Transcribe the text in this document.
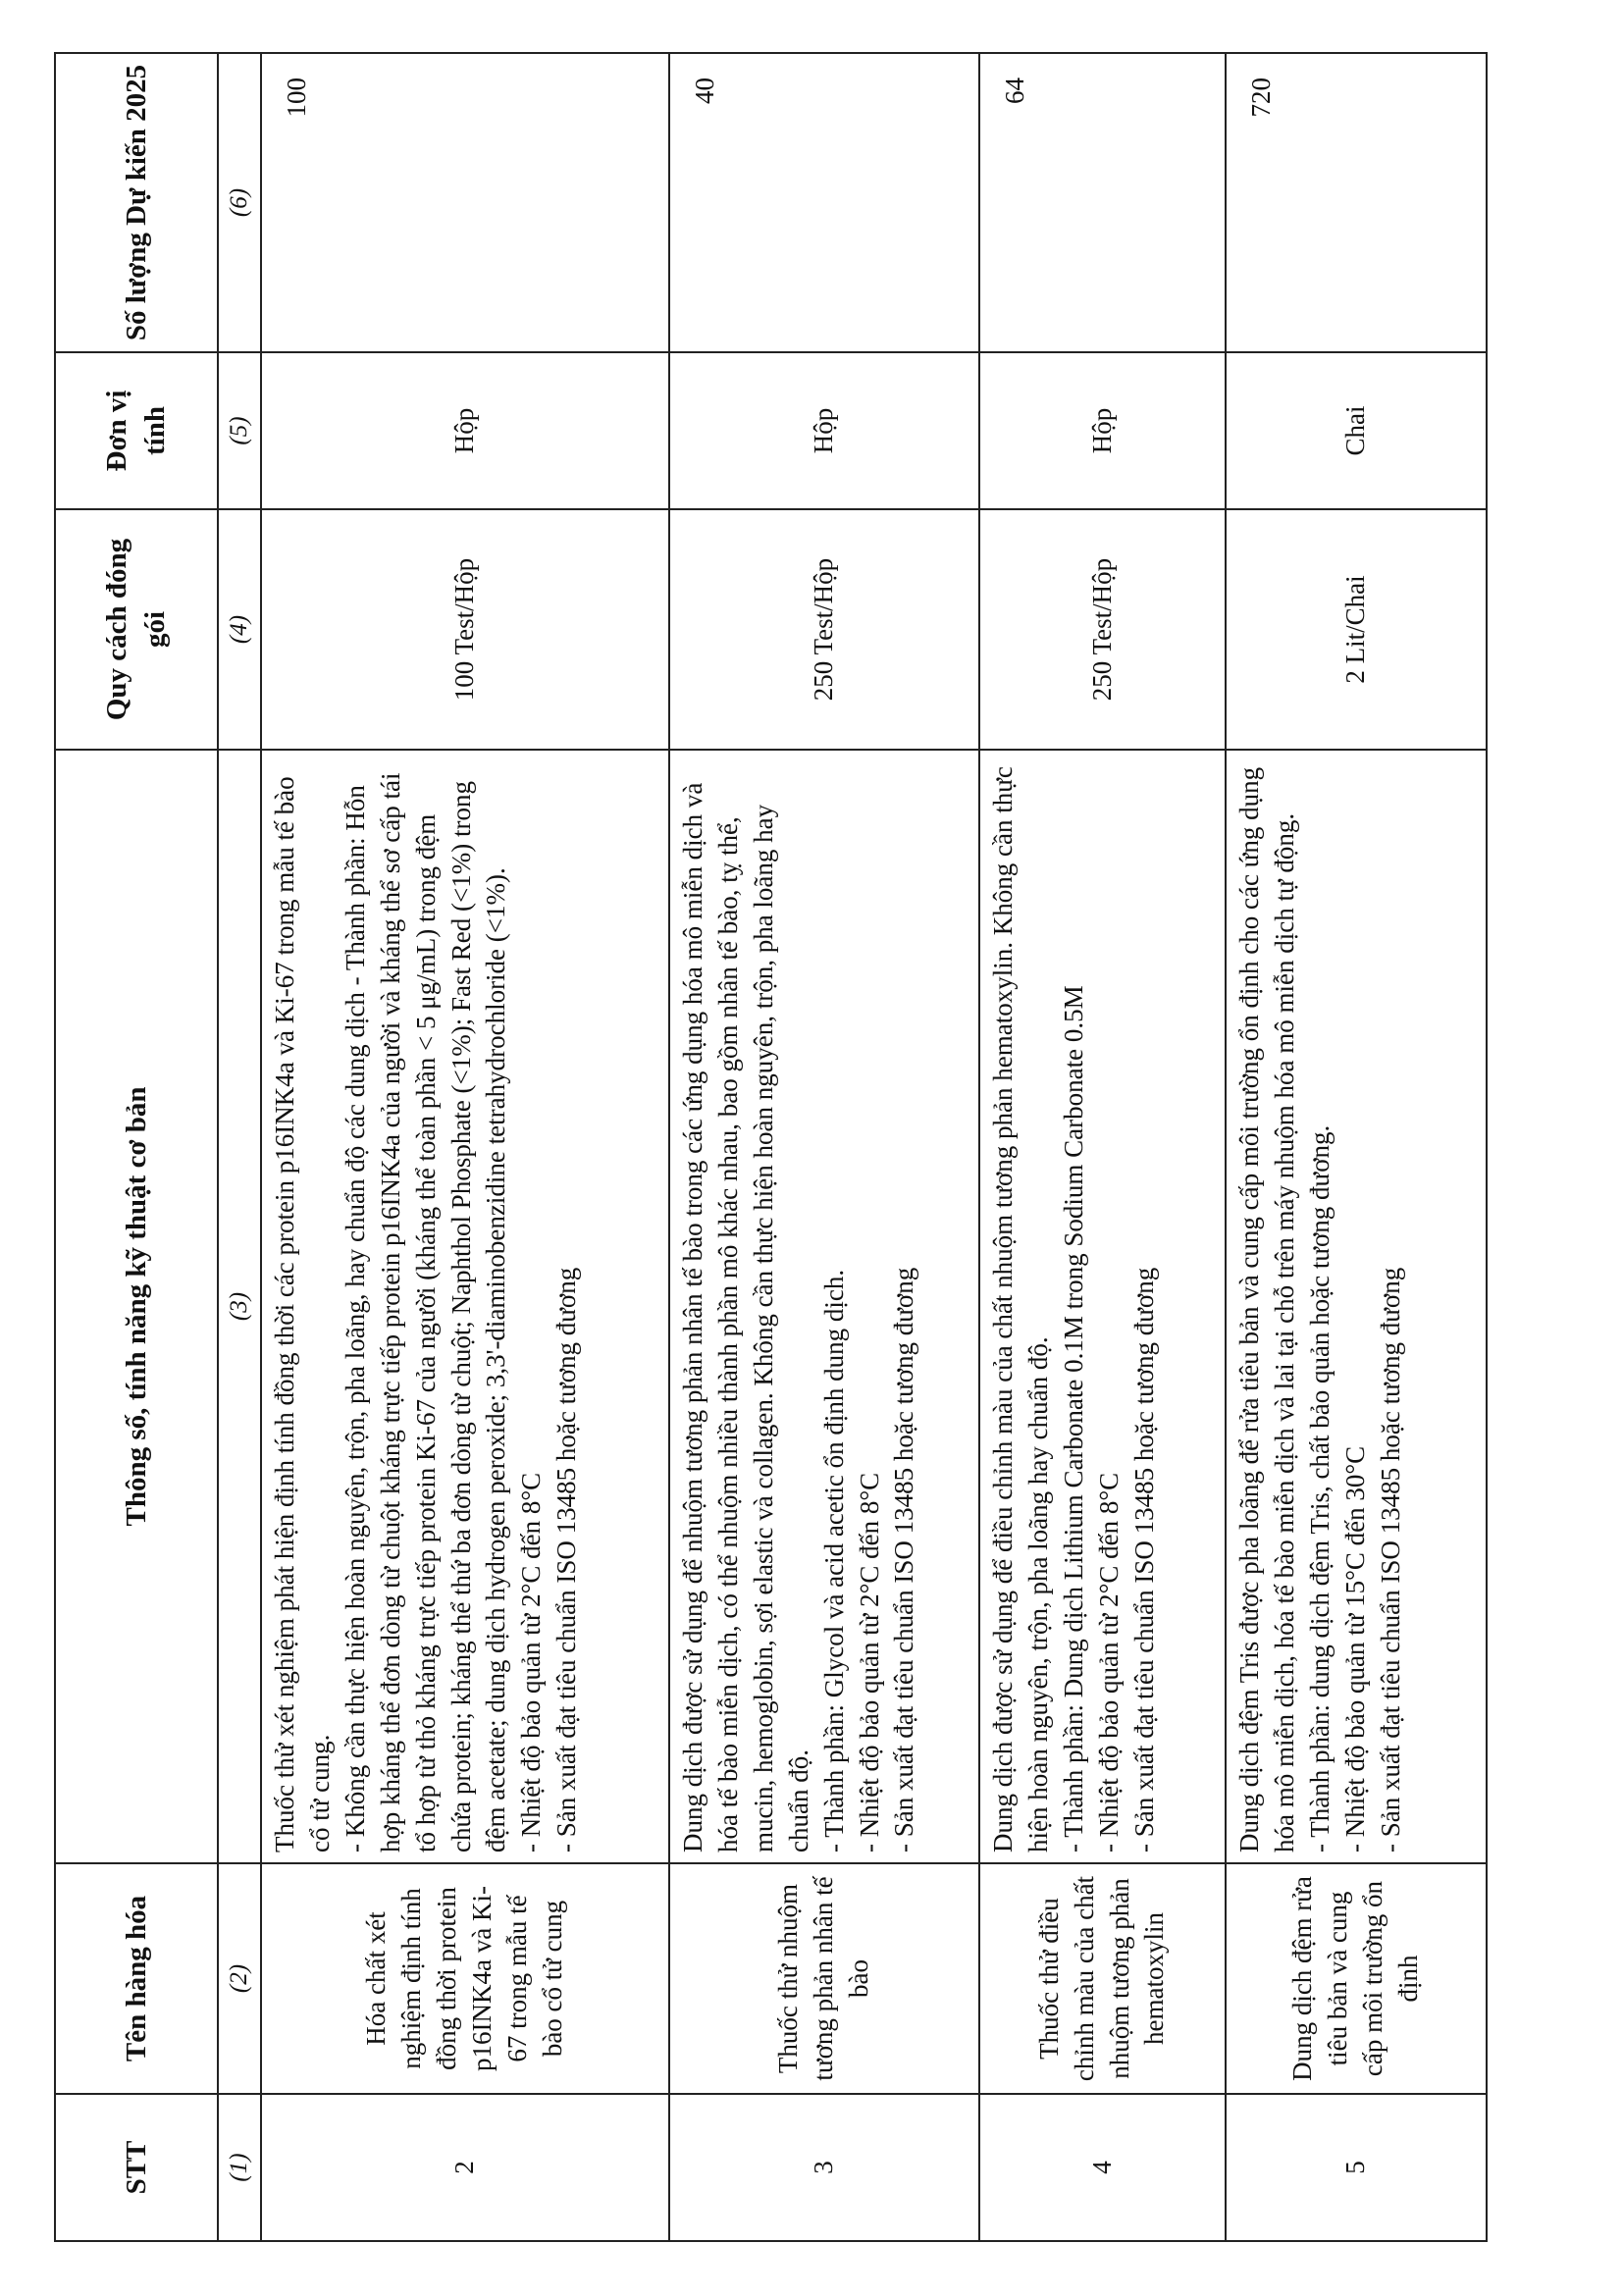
STT	Tên hàng hóa	Thông số, tính năng kỹ thuật cơ bản	Quy cách đóng gói	Đơn vị tính	Số lượng Dự kiến 2025
(1)	(2)	(3)	(4)	(5)	(6)
2	Hóa chất xét nghiệm định tính đồng thời protein p16INK4a và Ki-67 trong mẫu tế bào cổ tử cung	Thuốc thử xét nghiệm phát hiện định tính đồng thời các protein p16INK4a và Ki-67 trong mẫu tế bào cổ tử cung. - Không cần thực hiện hoàn nguyên, trộn, pha loãng, hay chuẩn độ các dung dịch - Thành phần: Hỗn hợp kháng thể đơn dòng từ chuột kháng trực tiếp protein p16INK4a của người và kháng thể sơ cấp tái tổ hợp từ thỏ kháng trực tiếp protein Ki-67 của người (kháng thể toàn phần < 5 μg/mL) trong đệm chứa protein; kháng thể thứ ba đơn dòng từ chuột; Naphthol Phosphate (<1%); Fast Red (<1%) trong đệm acetate; dung dịch hydrogen peroxide; 3,3'-diaminobenzidine tetrahydrochloride (<1%). - Nhiệt độ bảo quản từ 2°C đến 8°C - Sản xuất đạt tiêu chuẩn ISO 13485 hoặc tương đương	100 Test/Hộp	Hộp	100
3	Thuốc thử nhuộm tương phản nhân tế bào	Dung dịch được sử dụng để nhuộm tương phản nhân tế bào trong các ứng dụng hóa mô miễn dịch và hóa tế bào miễn dịch, có thể nhuộm nhiều thành phần mô khác nhau, bao gồm nhân tế bào, tỵ thể, mucin, hemoglobin, sợi elastic và collagen. Không cần thực hiện hoàn nguyên, trộn, pha loãng hay chuẩn độ. - Thành phần: Glycol và acid acetic ổn định dung dịch. - Nhiệt độ bảo quản từ 2°C đến 8°C - Sản xuất đạt tiêu chuẩn ISO 13485 hoặc tương đương	250 Test/Hộp	Hộp	40
4	Thuốc thử điều chỉnh màu của chất nhuộm tương phản hematoxylin	Dung dịch được sử dụng để điều chỉnh màu của chất nhuộm tương phản hematoxylin. Không cần thực hiện hoàn nguyên, trộn, pha loãng hay chuẩn độ. - Thành phần: Dung dịch Lithium Carbonate 0.1M trong Sodium Carbonate 0.5M - Nhiệt độ bảo quản từ 2°C đến 8°C - Sản xuất đạt tiêu chuẩn ISO 13485 hoặc tương đương	250 Test/Hộp	Hộp	64
5	Dung dịch đệm rửa tiêu bản và cung cấp môi trường ổn định	Dung dịch đệm Tris được pha loãng để rửa tiêu bản và cung cấp môi trường ổn định cho các ứng dụng hóa mô miễn dịch, hóa tế bào miễn dịch và lai tại chỗ trên máy nhuộm hóa mô miễn dịch tự động. - Thành phần: dung dịch đệm Tris, chất bảo quản hoặc tương đương. - Nhiệt độ bảo quản từ 15°C đến 30°C - Sản xuất đạt tiêu chuẩn ISO 13485 hoặc tương đương	2 Lit/Chai	Chai	720
